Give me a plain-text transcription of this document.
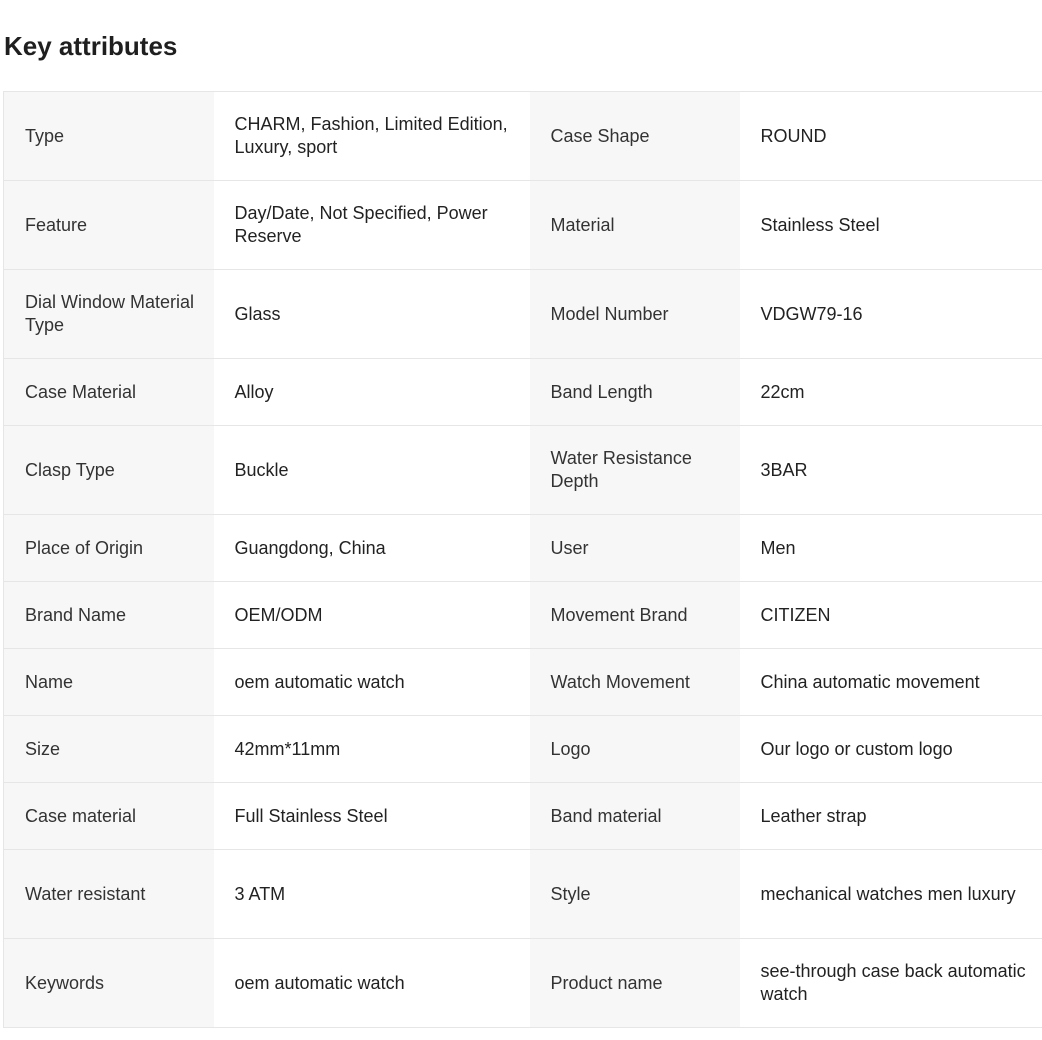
Key attributes
Type	CHARM, Fashion, Limited Edition, Luxury, sport	Case Shape	ROUND
Feature	Day/Date, Not Specified, Power Reserve	Material	Stainless Steel
Dial Window Material Type	Glass	Model Number	VDGW79-16
Case Material	Alloy	Band Length	22cm
Clasp Type	Buckle	Water Resistance Depth	3BAR
Place of Origin	Guangdong, China	User	Men
Brand Name	OEM/ODM	Movement Brand	CITIZEN
Name	oem automatic watch	Watch Movement	China automatic movement
Size	42mm*11mm	Logo	Our logo or custom logo
Case material	Full Stainless Steel	Band material	Leather strap
Water resistant	3 ATM	Style	mechanical watches men luxury
Keywords	oem automatic watch	Product name	see-through case back automatic watch
